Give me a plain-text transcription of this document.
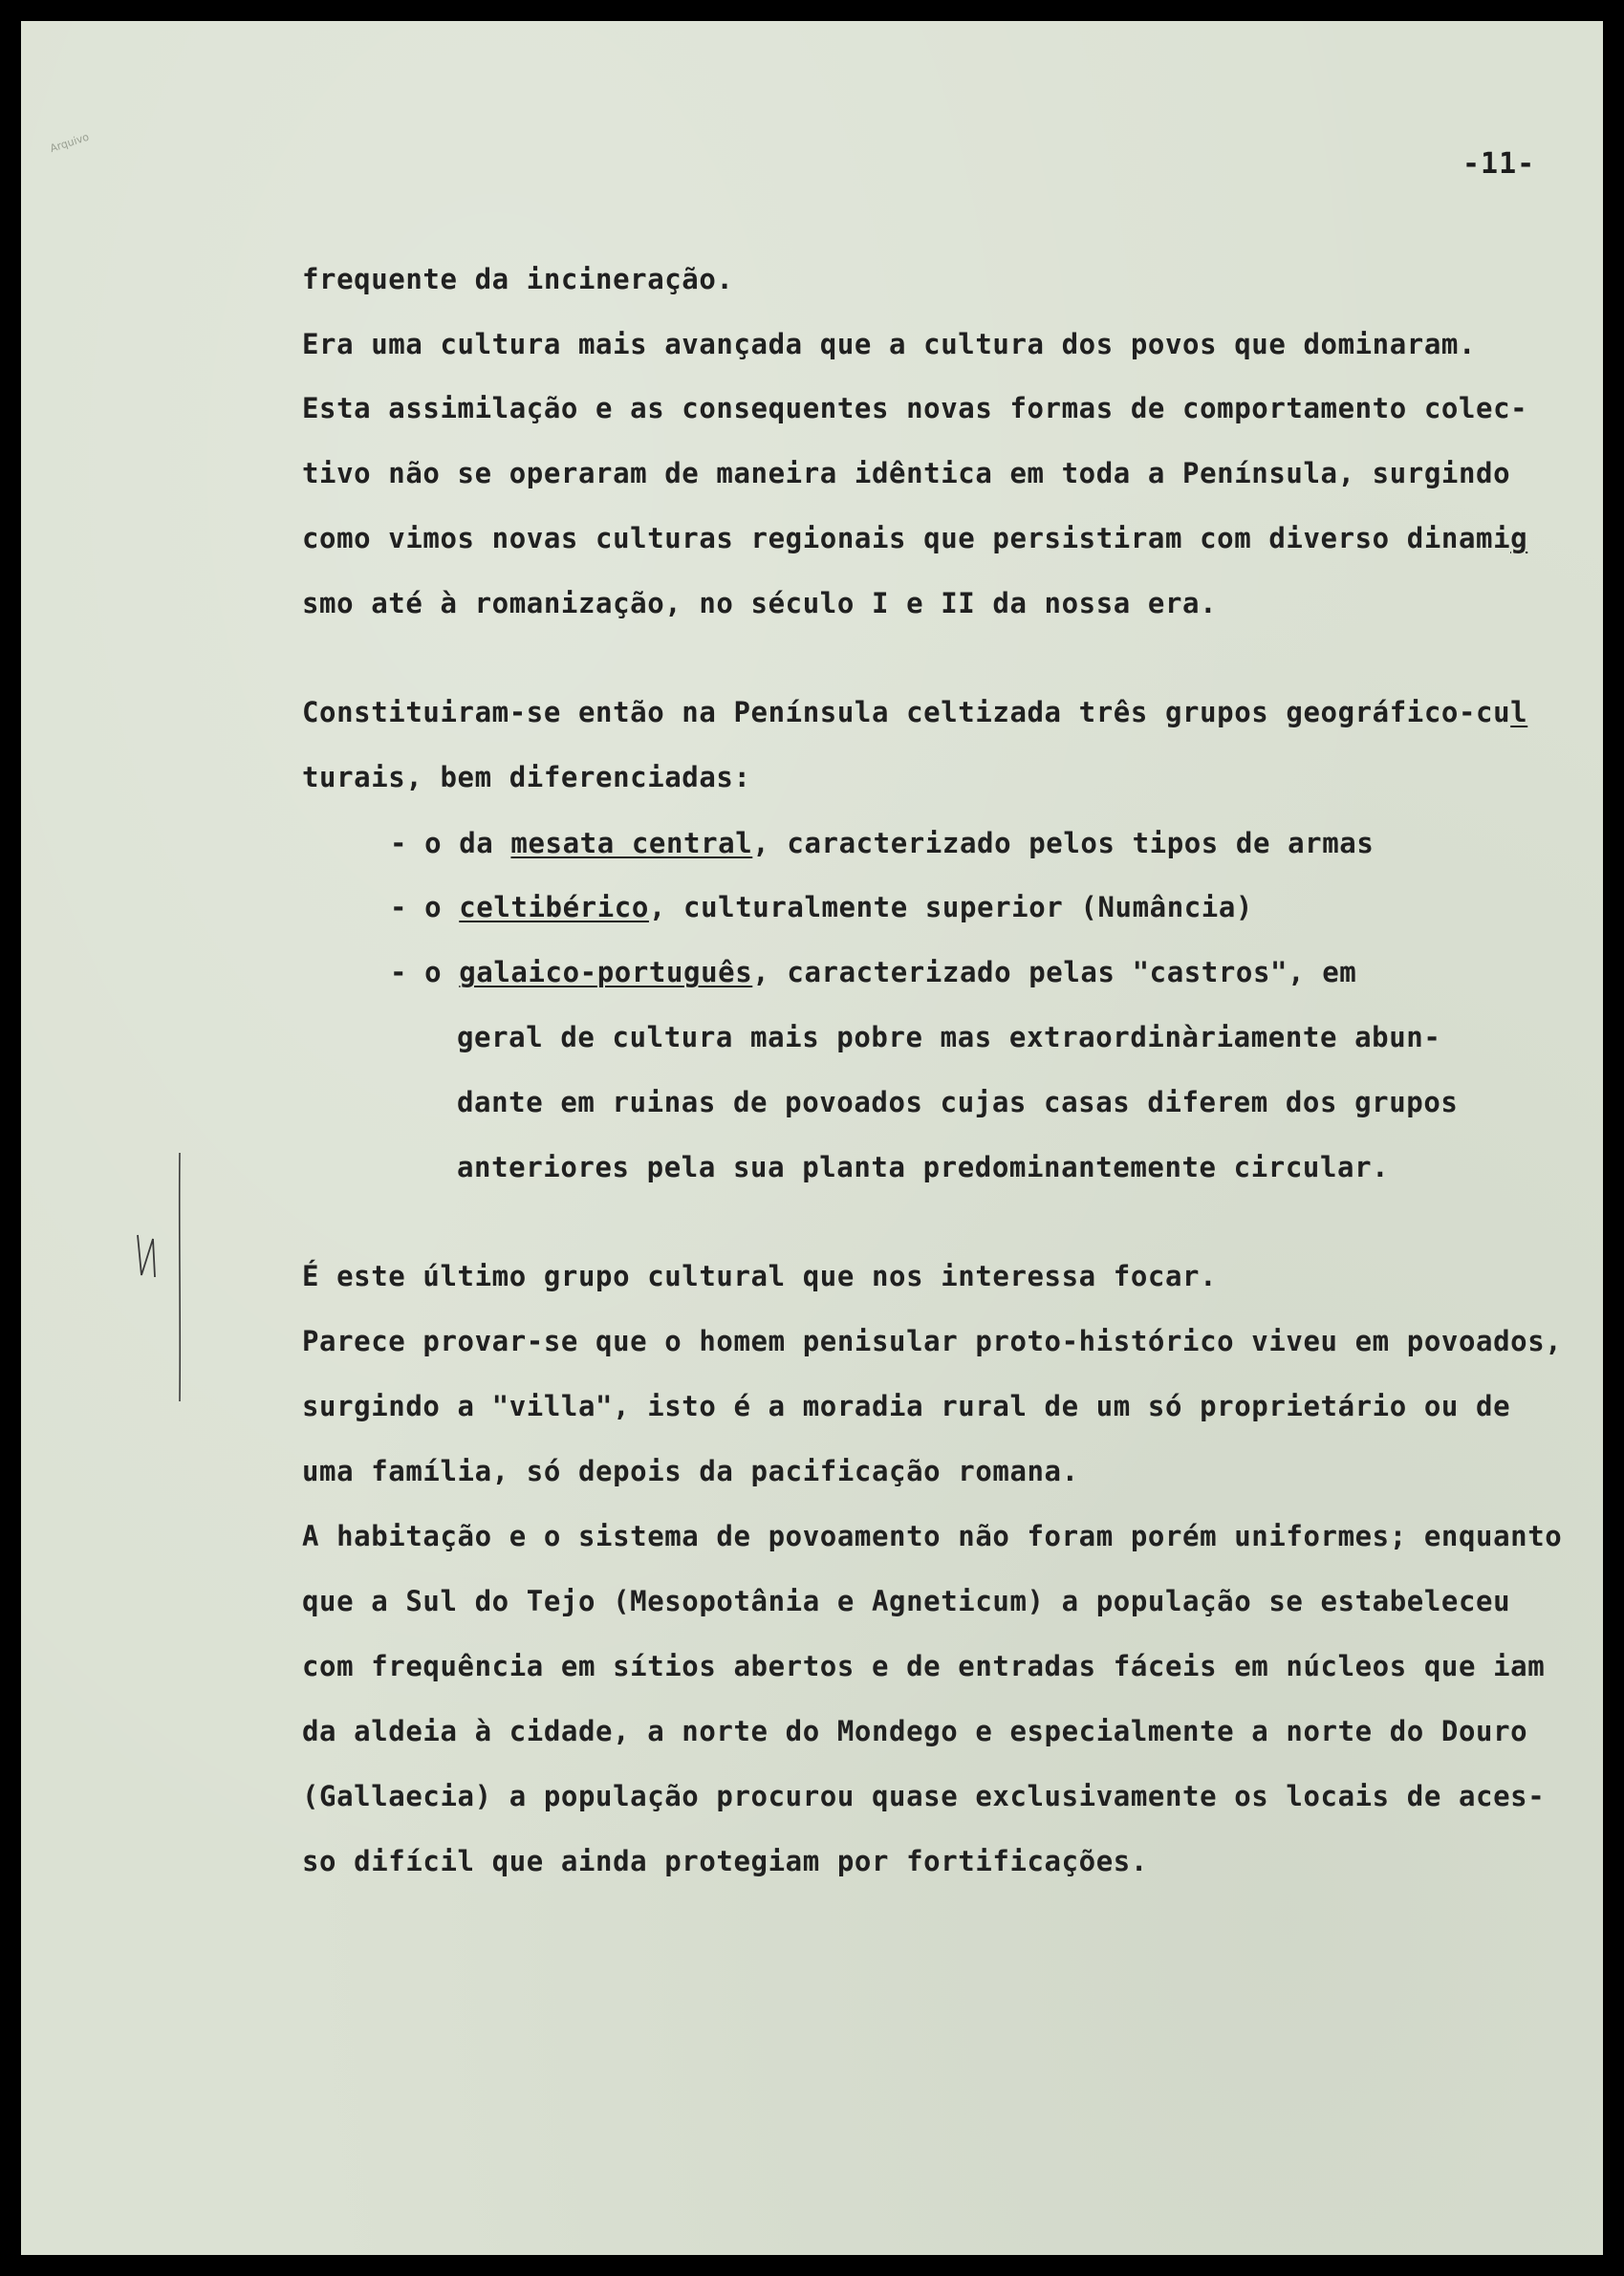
Arquivo
-11-
frequente da incineração.
Era uma cultura mais avançada que a cultura dos povos que dominaram.
Esta assimilação e as consequentes novas formas de comportamento colec-
tivo não se operaram de maneira idêntica em toda a Península, surgindo
como vimos novas culturas regionais que persistiram com diverso dinamig
smo até à romanização, no século I e II da nossa era.
Constituiram-se então na Península celtizada três grupos geográfico-cul
turais, bem diferenciadas:
- o da mesata central, caracterizado pelos tipos de armas
- o celtibérico, culturalmente superior (Numância)
- o galaico-português, caracterizado pelas "castros", em
geral de cultura mais pobre mas extraordinàriamente abun-
dante em ruinas de povoados cujas casas diferem dos grupos
anteriores pela sua planta predominantemente circular.
É este último grupo cultural que nos interessa focar.
Parece provar-se que o homem penisular proto-histórico viveu em povoados,
surgindo a "villa", isto é a moradia rural de um só proprietário ou de
uma família, só depois da pacificação romana.
A habitação e o sistema de povoamento não foram porém uniformes; enquanto
que a Sul do Tejo (Mesopotânia e Agneticum) a população se estabeleceu
com frequência em sítios abertos e de entradas fáceis em núcleos que iam
da aldeia à cidade, a norte do Mondego e especialmente a norte do Douro
(Gallaecia) a população procurou quase exclusivamente os locais de aces-
so difícil que ainda protegiam por fortificações.
